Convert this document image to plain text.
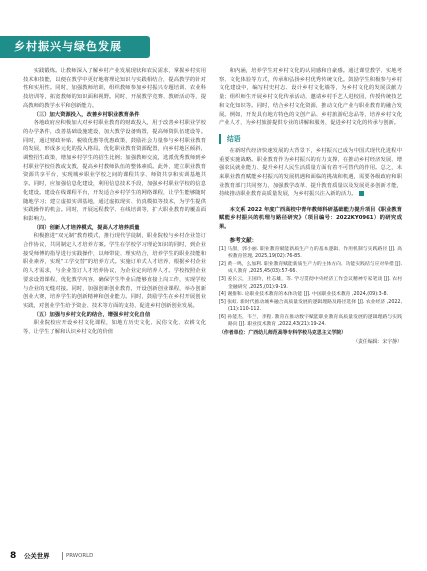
乡村振兴与绿色发展

实践锻炼。让教师深入了解乡村产业发展现状和农民需求，掌握乡村实用技术和技能，以便在教学中更好地将理论知识与实践相结合，提高教学的针对性和实用性。同时，加强教师培训，组织教师参加乡村振兴专题培训、农业科技培训等，拓宽教师的知识面和视野。同时，开展教学竞赛、教研活动等，提高教师的教学水平和创新能力。

（三）加大资源投入，改善乡村职业教育条件

各地政府应积极加大对乡村职业教育的财政投入，用于改善乡村职业学校的办学条件，改善基础设施建设，加大教学设备购置，提高师资队伍建设等。同时，通过财政补贴、税收优惠等优惠政策，鼓励社会力量参与乡村职业教育的发展，形成多元化的投入格局。优化职业教育资源配置，向乡村地区倾斜，调整招生政策，增加乡村学生的招生比例；加强教师交流，选派优秀教师到乡村职业学校任教或支教，提高乡村教师队伍的整体素质。此外，建立职业教育资源共享平台，实现城乡职业学校之间的课程共享、师资共享和实训基地共享。同时，应加强信息化建设，利用信息技术手段，加强乡村职业学校的信息化建设。建设在线课程平台，开发适合乡村学生的网络课程，让学生能够随时随地学习；建立虚拟实训基地，通过虚拟现实、仿真模拟等技术，为学生提供实践操作的机会。同时，开展远程教学、在线培训等，扩大职业教育的覆盖面和影响力。

（四）创新人才培养模式，提高人才培养质量

积极推进“双元制”教育模式，推行现代学徒制，职业院校与乡村企业签订合作协议，共同制定人才培养方案。学生在学校学习理论知识的同时，到企业接受师傅的指导进行实践操作，以师带徒、理实结合，培养学生的职业技能和职业素养，实现“工学交替”的培养方式。实施订单式人才培养，根据乡村企业的人才需求，与企业签订人才培养协议，为企业定向培养人才。学校按照企业要求设置课程，优化教学内容，确保学生毕业后能够直接上岗工作，实现学校与企业的无缝对接。同时，加强创新创业教育，开设创新创业课程，举办创新创业大赛，培养学生的创新精神和创业能力。同时，鼓励学生在乡村开展创业实践，对创业学生给予资金、技术等方面的支持，促进乡村创新创业发展。

（五）加强与乡村文化的结合，增强乡村文化自信

职业院校应开设乡村文化课程，如地方历史文化、民俗文化、农耕文化等，让学生了解和认识乡村文化的价值

和内涵，培养学生对乡村文化的认同感和自豪感。通过课堂教学、实地考察、文化体验等方式，传承和弘扬乡村优秀传统文化。鼓励学生积极参与乡村文化建设中，编写村史村志、设计乡村文化墙等，为乡村文化的发展贡献力量；组织师生开展乡村文化传承活动，邀请乡村手艺人进校园，传授传统技艺和文化知识等。同时，结合乡村文化资源，推动文化产业与职业教育的融合发展。例如，开发具有地方特色的文创产品、乡村旅游纪念品等，培养乡村文化产业人才，为乡村旅游提供专业的讲解和服务，促进乡村文化的传承与创新。

结语

在新时代经济快速发展的大背景下，乡村振兴已成为中国式现代化进程中重要实施战略。职业教育作为乡村振兴的有力支撑，在推动乡村经济发展、增强农民就业能力、提升乡村人民生活质量方面有着不可替代的作用。总之，未来职业教育赋能乡村振兴的发展机遇和面临的挑战和机遇，需要各级政府和职业教育部门共同努力，加强教学改革、提升教育质量以及发展更多创新才能，持续推动职业教育高质量发展，为乡村振兴注入新的活力。

本文系 2022 年度广西高校中青年教师科研基础能力提升项目《职业教育赋能乡村振兴的机理与路径研究》（项目编号：2022KY0961）的研究成果。
参考文献：
[1] 马甜，郭小丽. 职业教育赋能新质生产力的基本逻辑、作用机制与实践路径 [J]. 高校教育管理, 2025,19(02):76-85.
[2] 黄一鸣，么加利. 职业教育赋能新质生产力的主体方向、功能实践结与应对举措 [J]. 成人教育 ,2025,45(03):57-66.
[3] 姜长云，王国玲，杜志雄，等. 学习贯彻中央经济工作会议精神专家笔谈 [J]. 农村金融研究 ,2025,(01):9-19.
[4] 谢推和. 论职业技术教育的本体功能 [J]. 中国职业技术教育 ,2024,(09):3-8.
[5] 张虹. 新时代推动城乡融合高质量发展的逻辑理路及路径选择 [J]. 农业经济 ,2022, (11):110-112.
[6] 孙能杰，韦兰，李程. 教育在推动数字赋能职业教育高质量发展的逻辑理路与实践路向 [J]. 职业技术教育 ,2022,43(21):19-24.
（作者单位：广西幼儿师范高等专科学校马克思主义学院）
（责任编辑：宋宇静）
8 公关世界	PRWORLD
